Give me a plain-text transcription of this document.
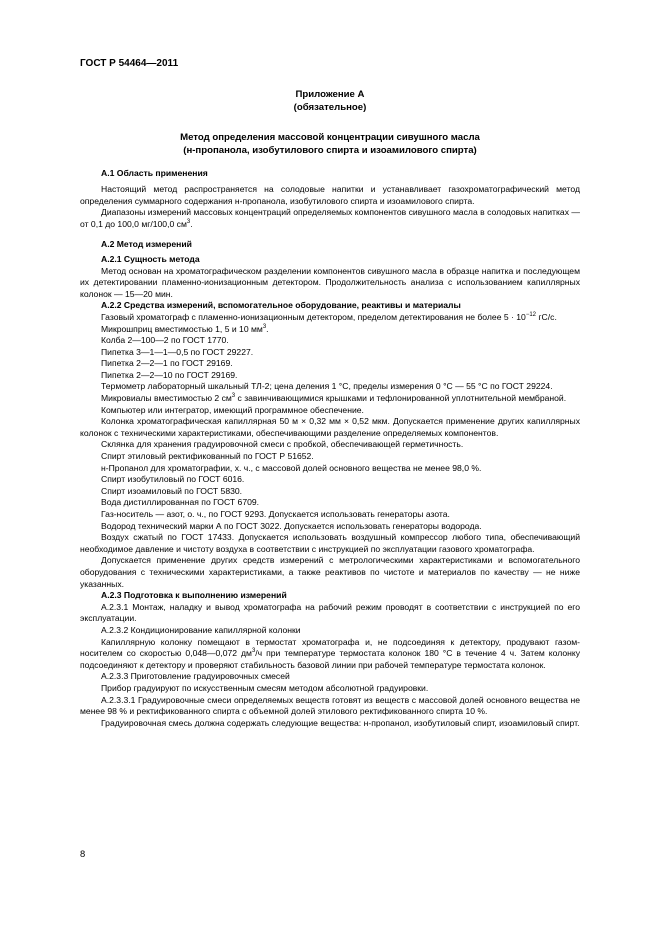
ГОСТ Р 54464—2011
Приложение А
(обязательное)
Метод определения массовой концентрации сивушного масла
(н-пропанола, изобутилового спирта и изоамилового спирта)

А.1 Область применения

Настоящий метод распространяется на солодовые напитки и устанавливает газохроматографический метод определения суммарного содержания н-пропанола, изобутилового спирта и изоамилового спирта.

Диапазоны измерений массовых концентраций определяемых компонентов сивушного масла в солодовых напитках — от 0,1 до 100,0 мг/100,0 $см^3$.

А.2 Метод измерений

А.2.1 Сущность метода

Метод основан на хроматографическом разделении компонентов сивушного масла в образце напитка и последующем их детектировании пламенно-ионизационным детектором. Продолжительность анализа с использованием капиллярных колонок — 15—20 мин.

А.2.2 Средства измерений, вспомогательное оборудование, реактивы и материалы

Газовый хроматограф с пламенно-ионизационным детектором, пределом детектирования не более $5 \cdot 10^{-12}$ гС/с.

Микрошприц вместимостью 1, 5 и 10 $мм^3$.

Колба 2—100—2 по ГОСТ 1770.

Пипетка 3—1—1—0,5 по ГОСТ 29227.

Пипетка 2—2—1 по ГОСТ 29169.

Пипетка 2—2—10 по ГОСТ 29169.

Термометр лабораторный шкальный ТЛ-2; цена деления 1 °С, пределы измерения 0 °С — 55 °С по ГОСТ 29224.

Микровиалы вместимостью 2 $см^3$ с завинчивающимися крышками и тефлонированной уплотнительной мембраной.

Компьютер или интегратор, имеющий программное обеспечение.

Колонка хроматографическая капиллярная 50 м × 0,32 мм × 0,52 мкм. Допускается применение других капиллярных колонок с техническими характеристиками, обеспечивающими разделение определяемых компонентов.

Склянка для хранения градуировочной смеси с пробкой, обеспечивающей герметичность.

Спирт этиловый ректификованный по ГОСТ Р 51652.

н-Пропанол для хроматографии, х. ч., с массовой долей основного вещества не менее 98,0 %.

Спирт изобутиловый по ГОСТ 6016.

Спирт изоамиловый по ГОСТ 5830.

Вода дистиллированная по ГОСТ 6709.

Газ-носитель — азот, о. ч., по ГОСТ 9293. Допускается использовать генераторы азота.

Водород технический марки А по ГОСТ 3022. Допускается использовать генераторы водорода.

Воздух сжатый по ГОСТ 17433. Допускается использовать воздушный компрессор любого типа, обеспечивающий необходимое давление и чистоту воздуха в соответствии с инструкцией по эксплуатации газового хроматографа.

Допускается применение других средств измерений с метрологическими характеристиками и вспомогательного оборудования с техническими характеристиками, а также реактивов по чистоте и материалов по качеству — не ниже указанных.

А.2.3 Подготовка к выполнению измерений

А.2.3.1 Монтаж, наладку и вывод хроматографа на рабочий режим проводят в соответствии с инструкцией по его эксплуатации.

А.2.3.2 Кондиционирование капиллярной колонки

Капиллярную колонку помещают в термостат хроматографа и, не подсоединяя к детектору, продувают газом-носителем со скоростью 0,048—0,072 $дм^3/ч$ при температуре термостата колонок 180 °С в течение 4 ч. Затем колонку подсоединяют к детектору и проверяют стабильность базовой линии при рабочей температуре термостата колонок.

А.2.3.3 Приготовление градуировочных смесей

Прибор градуируют по искусственным смесям методом абсолютной градуировки.

А.2.3.3.1 Градуировочные смеси определяемых веществ готовят из веществ с массовой долей основного вещества не менее 98 % и ректификованного спирта с объемной долей этилового ректификованного спирта 10 %.

Градуировочная смесь должна содержать следующие вещества: н-пропанол, изобутиловый спирт, изоамиловый спирт.

8
